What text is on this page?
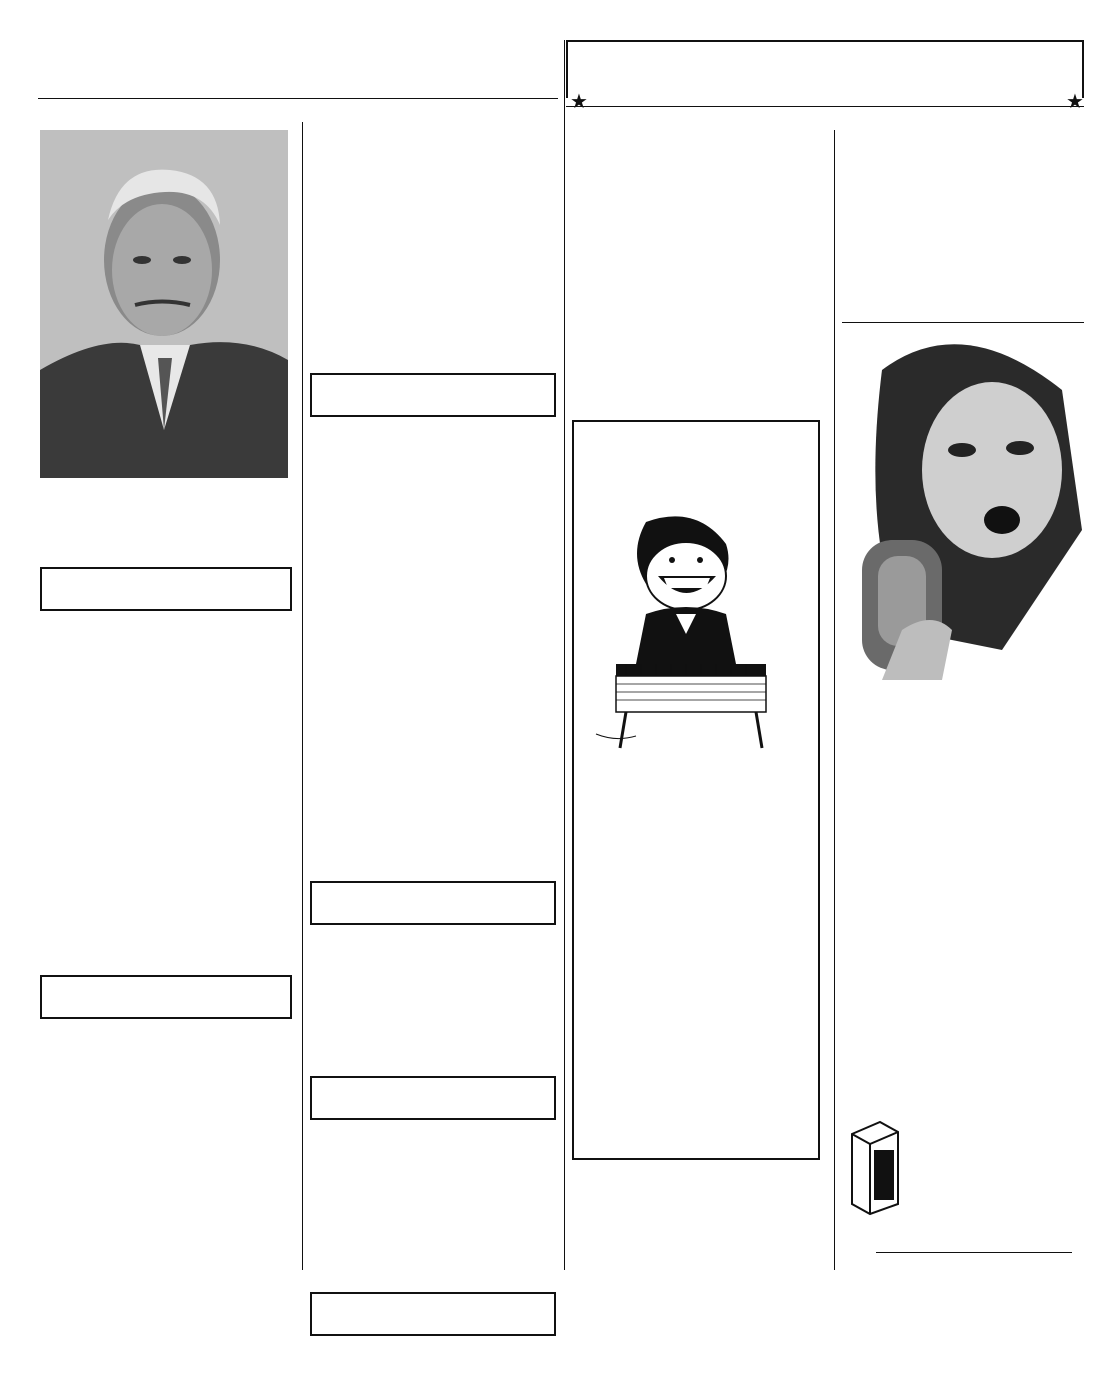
★	★
